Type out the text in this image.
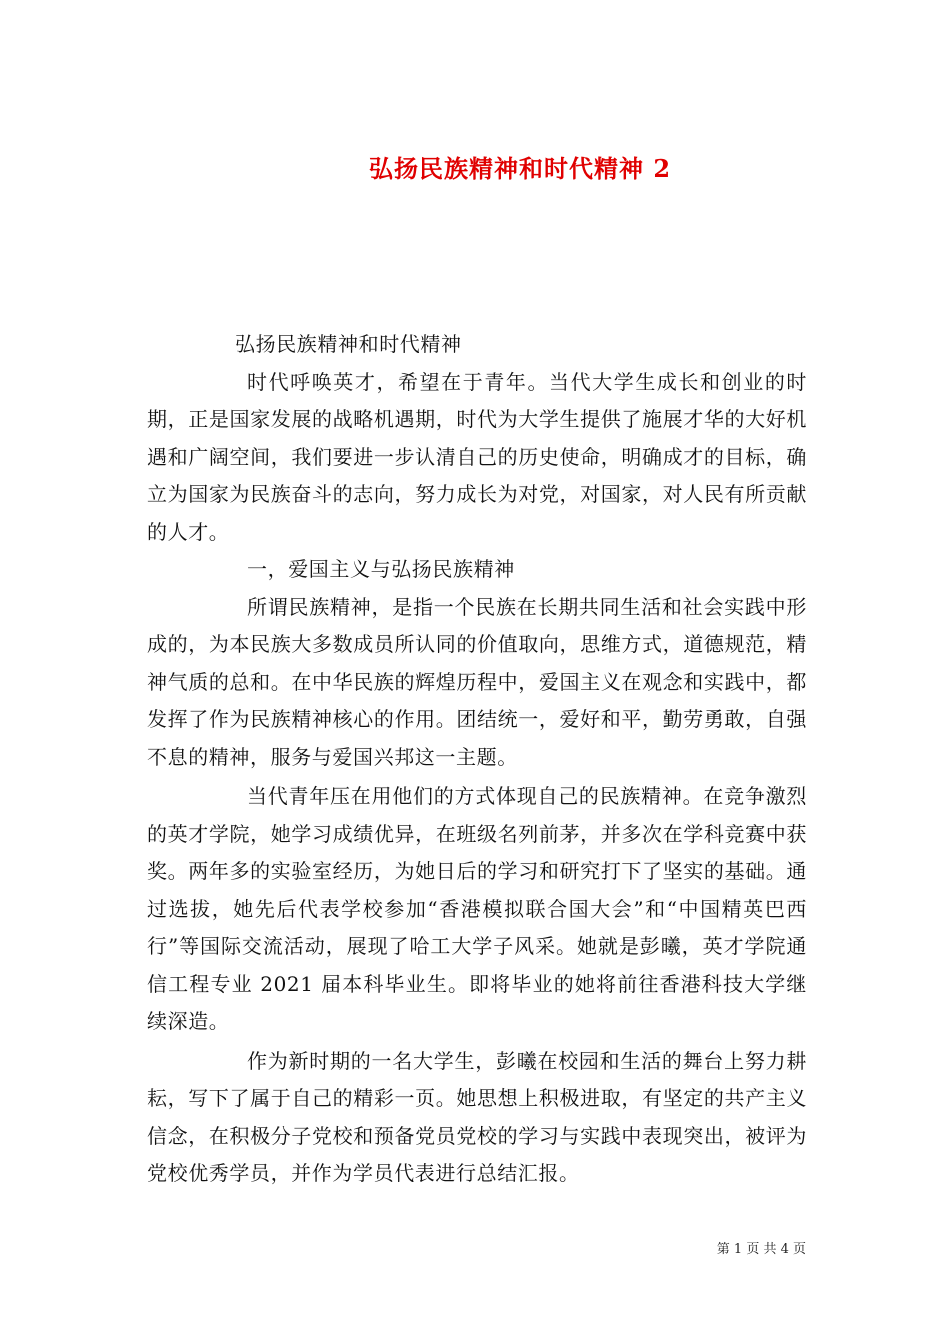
弘扬民族精神和时代精神 2

弘扬民族精神和时代精神

时代呼唤英才，希望在于青年。当代大学生成长和创业的时期，正是国家发展的战略机遇期，时代为大学生提供了施展才华的大好机遇和广阔空间，我们要进一步认清自己的历史使命，明确成才的目标，确立为国家为民族奋斗的志向，努力成长为对党，对国家，对人民有所贡献的人才。

一，爱国主义与弘扬民族精神

所谓民族精神，是指一个民族在长期共同生活和社会实践中形成的，为本民族大多数成员所认同的价值取向，思维方式，道德规范，精神气质的总和。在中华民族的辉煌历程中，爱国主义在观念和实践中，都发挥了作为民族精神核心的作用。团结统一，爱好和平，勤劳勇敢，自强不息的精神，服务与爱国兴邦这一主题。

当代青年压在用他们的方式体现自己的民族精神。在竞争激烈的英才学院，她学习成绩优异，在班级名列前茅，并多次在学科竞赛中获奖。两年多的实验室经历，为她日后的学习和研究打下了坚实的基础。通过选拔，她先后代表学校参加“香港模拟联合国大会”和“中国精英巴西行”等国际交流活动，展现了哈工大学子风采。她就是彭曦，英才学院通信工程专业 2021 届本科毕业生。即将毕业的她将前往香港科技大学继续深造。

作为新时期的一名大学生，彭曦在校园和生活的舞台上努力耕耘，写下了属于自己的精彩一页。她思想上积极进取，有坚定的共产主义信念，在积极分子党校和预备党员党校的学习与实践中表现突出，被评为党校优秀学员，并作为学员代表进行总结汇报。

第 1 页 共 4 页
